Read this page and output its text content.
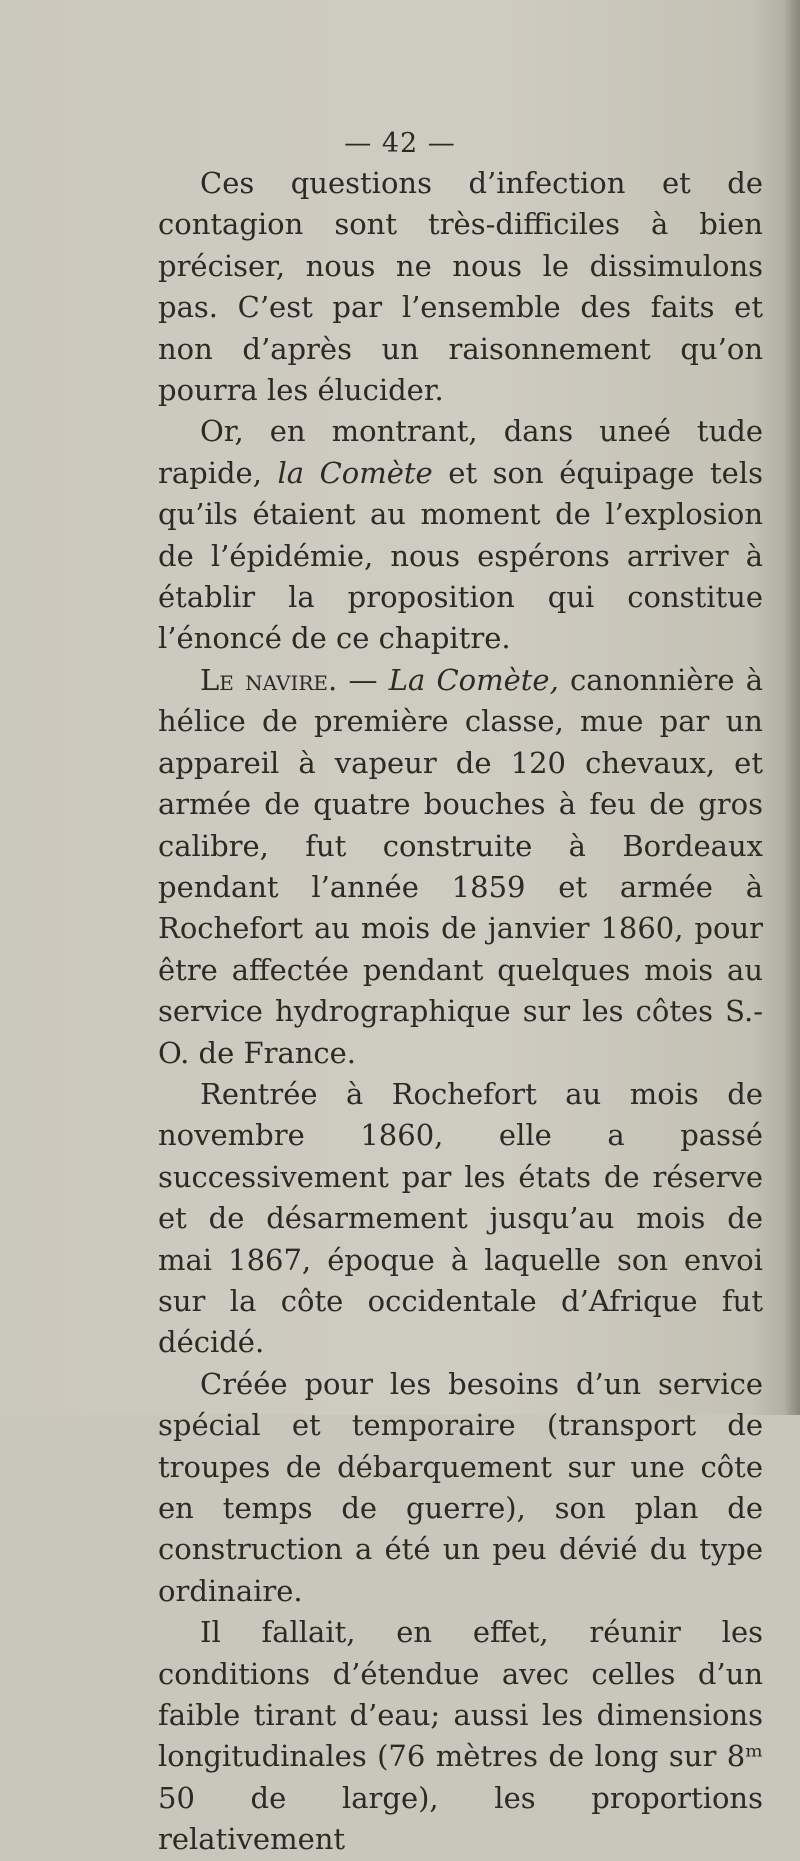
— 42 —

Ces questions d’infection et de contagion sont très-difficiles à bien préciser, nous ne nous le dissimulons pas. C’est par l’ensemble des faits et non d’après un raisonnement qu’on pourra les élucider.

Or, en montrant, dans uneé tude rapide, la Comète et son équipage tels qu’ils étaient au moment de l’explosion de l’épidémie, nous espérons arriver à établir la proposition qui constitue l’énoncé de ce chapitre.

Le navire. — La Comète, canonnière à hélice de première classe, mue par un appareil à vapeur de 120 chevaux, et armée de quatre bouches à feu de gros calibre, fut construite à Bordeaux pendant l’année 1859 et armée à Rochefort au mois de janvier 1860, pour être affectée pendant quelques mois au service hydrographique sur les côtes S.-O. de France.

Rentrée à Rochefort au mois de novembre 1860, elle a passé successivement par les états de réserve et de désarmement jusqu’au mois de mai 1867, époque à laquelle son envoi sur la côte occidentale d’Afrique fut décidé.

Créée pour les besoins d’un service spécial et temporaire (transport de troupes de débarquement sur une côte en temps de guerre), son plan de construction a été un peu dévié du type ordinaire.

Il fallait, en effet, réunir les conditions d’étendue avec celles d’un faible tirant d’eau; aussi les dimensions longitudinales (76 mètres de long sur 8ᵐ 50 de large), les proportions relativement
